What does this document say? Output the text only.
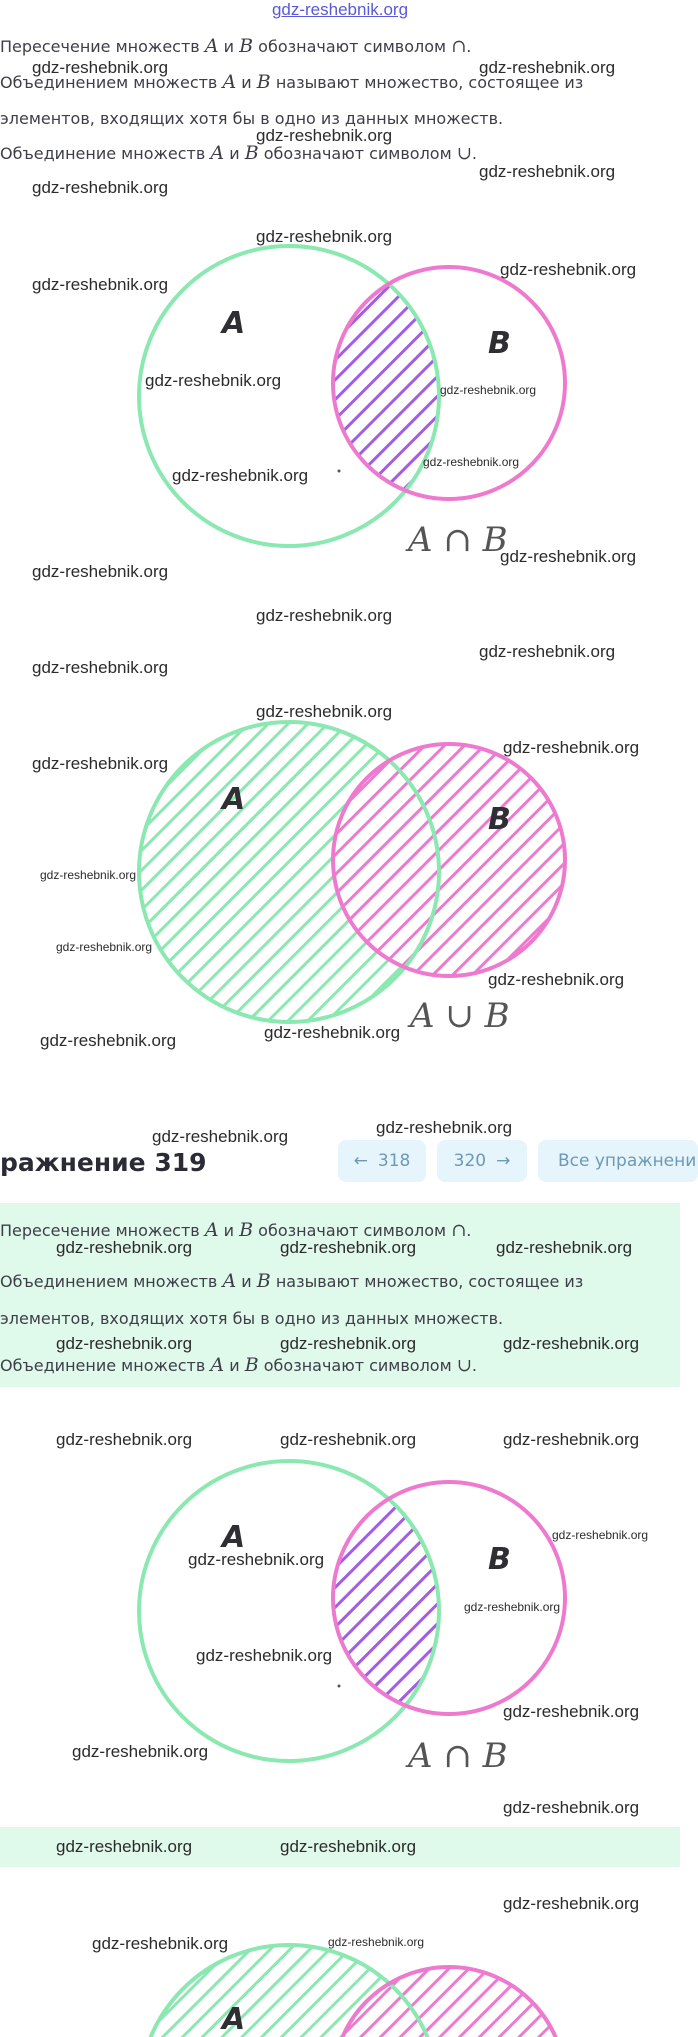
gdz-reshebnik.org
Пересечение множеств A и B обозначают символом ∩.
Объединением множеств A и B называют множество, состоящее из
элементов, входящих хотя бы в одно из данных множеств.
Объединение множеств A и B обозначают символом ∪.
A
B
A ∩ B
A
B
A ∪ B
ражнение 319	← 318	320 →	Все упражнени
Пересечение множеств A и B обозначают символом ∩.
Объединением множеств A и B называют множество, состоящее из
элементов, входящих хотя бы в одно из данных множеств.
Объединение множеств A и B обозначают символом ∪.
A
B
A ∩ B
A
gdz-reshebnik.org	gdz-reshebnik.org
gdz-reshebnik.org
gdz-reshebnik.org
gdz-reshebnik.org
gdz-reshebnik.org
gdz-reshebnik.org
gdz-reshebnik.org
gdz-reshebnik.org	gdz-reshebnik.org
gdz-reshebnik.org
gdz-reshebnik.org
gdz-reshebnik.org
gdz-reshebnik.org
gdz-reshebnik.org
gdz-reshebnik.org
gdz-reshebnik.org
gdz-reshebnik.org
gdz-reshebnik.org
gdz-reshebnik.org
gdz-reshebnik.org
gdz-reshebnik.org
gdz-reshebnik.org
gdz-reshebnik.org
gdz-reshebnik.org
gdz-reshebnik.org
gdz-reshebnik.org
gdz-reshebnik.org	gdz-reshebnik.org	gdz-reshebnik.org
gdz-reshebnik.org	gdz-reshebnik.org	gdz-reshebnik.org
gdz-reshebnik.org	gdz-reshebnik.org	gdz-reshebnik.org
gdz-reshebnik.org
gdz-reshebnik.org
gdz-reshebnik.org
gdz-reshebnik.org
gdz-reshebnik.org
gdz-reshebnik.org
gdz-reshebnik.org
gdz-reshebnik.org	gdz-reshebnik.org
gdz-reshebnik.org
gdz-reshebnik.org	gdz-reshebnik.org
